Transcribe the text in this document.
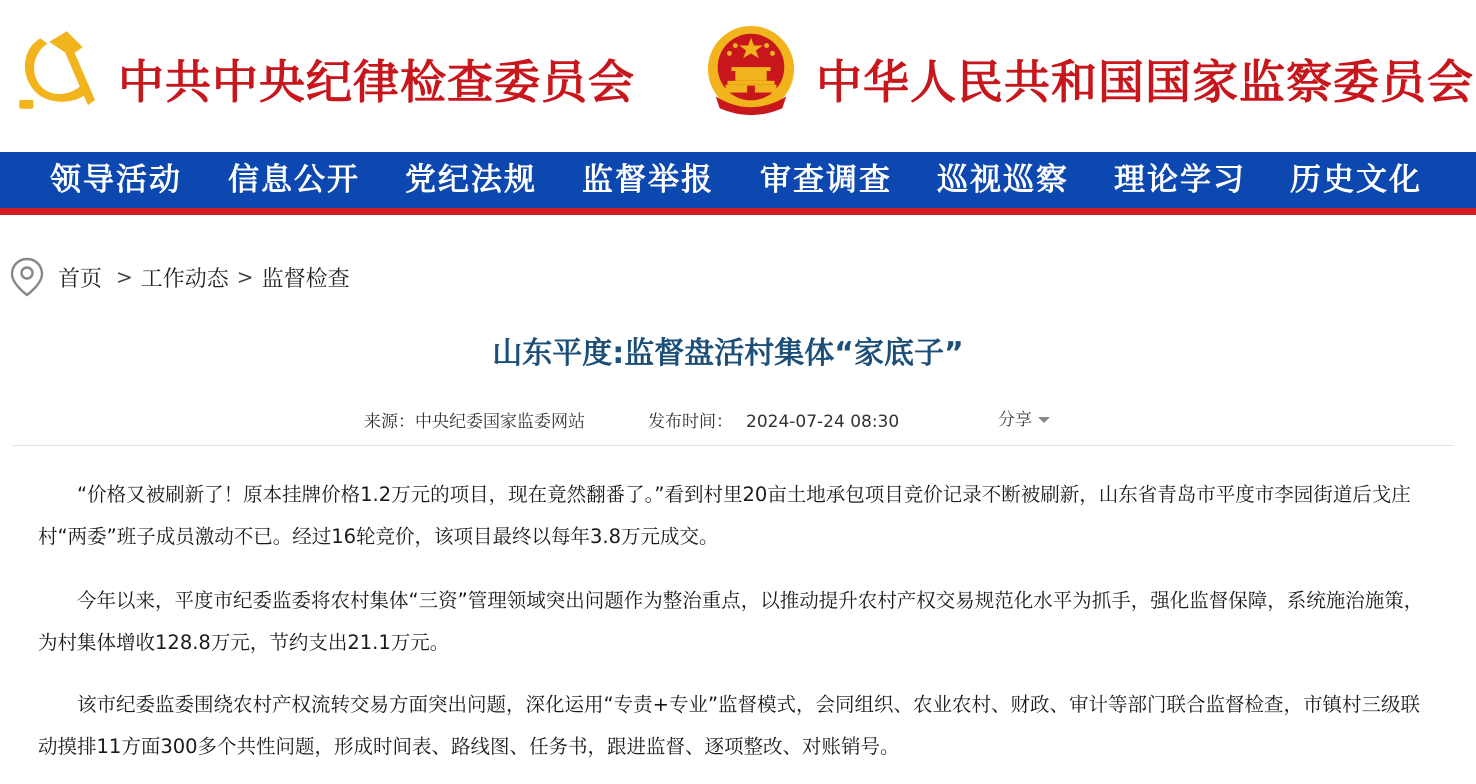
中共中央纪律检查委员会	中华人民共和国国家监察委员会
领导活动 信息公开 党纪法规 监督举报 审查调查 巡视巡察 理论学习 历史文化
首页 > 工作动态 > 监督检查
山东平度:监督盘活村集体“家底子”
来源：中央纪委国家监委网站	发布时间： 2024-07-24 08:30	分享

“价格又被刷新了！原本挂牌价格1.2万元的项目，现在竟然翻番了。”看到村里20亩土地承包项目竞价记录不断被刷新，山东省青岛市平度市李园街道后戈庄村“两委”班子成员激动不已。经过16轮竞价，该项目最终以每年3.8万元成交。

今年以来，平度市纪委监委将农村集体“三资”管理领域突出问题作为整治重点，以推动提升农村产权交易规范化水平为抓手，强化监督保障，系统施治施策，为村集体增收128.8万元，节约支出21.1万元。

该市纪委监委围绕农村产权流转交易方面突出问题，深化运用“专责+专业”监督模式，会同组织、农业农村、财政、审计等部门联合监督检查，市镇村三级联动摸排11方面300多个共性问题，形成时间表、路线图、任务书，跟进监督、逐项整改、对账销号。
